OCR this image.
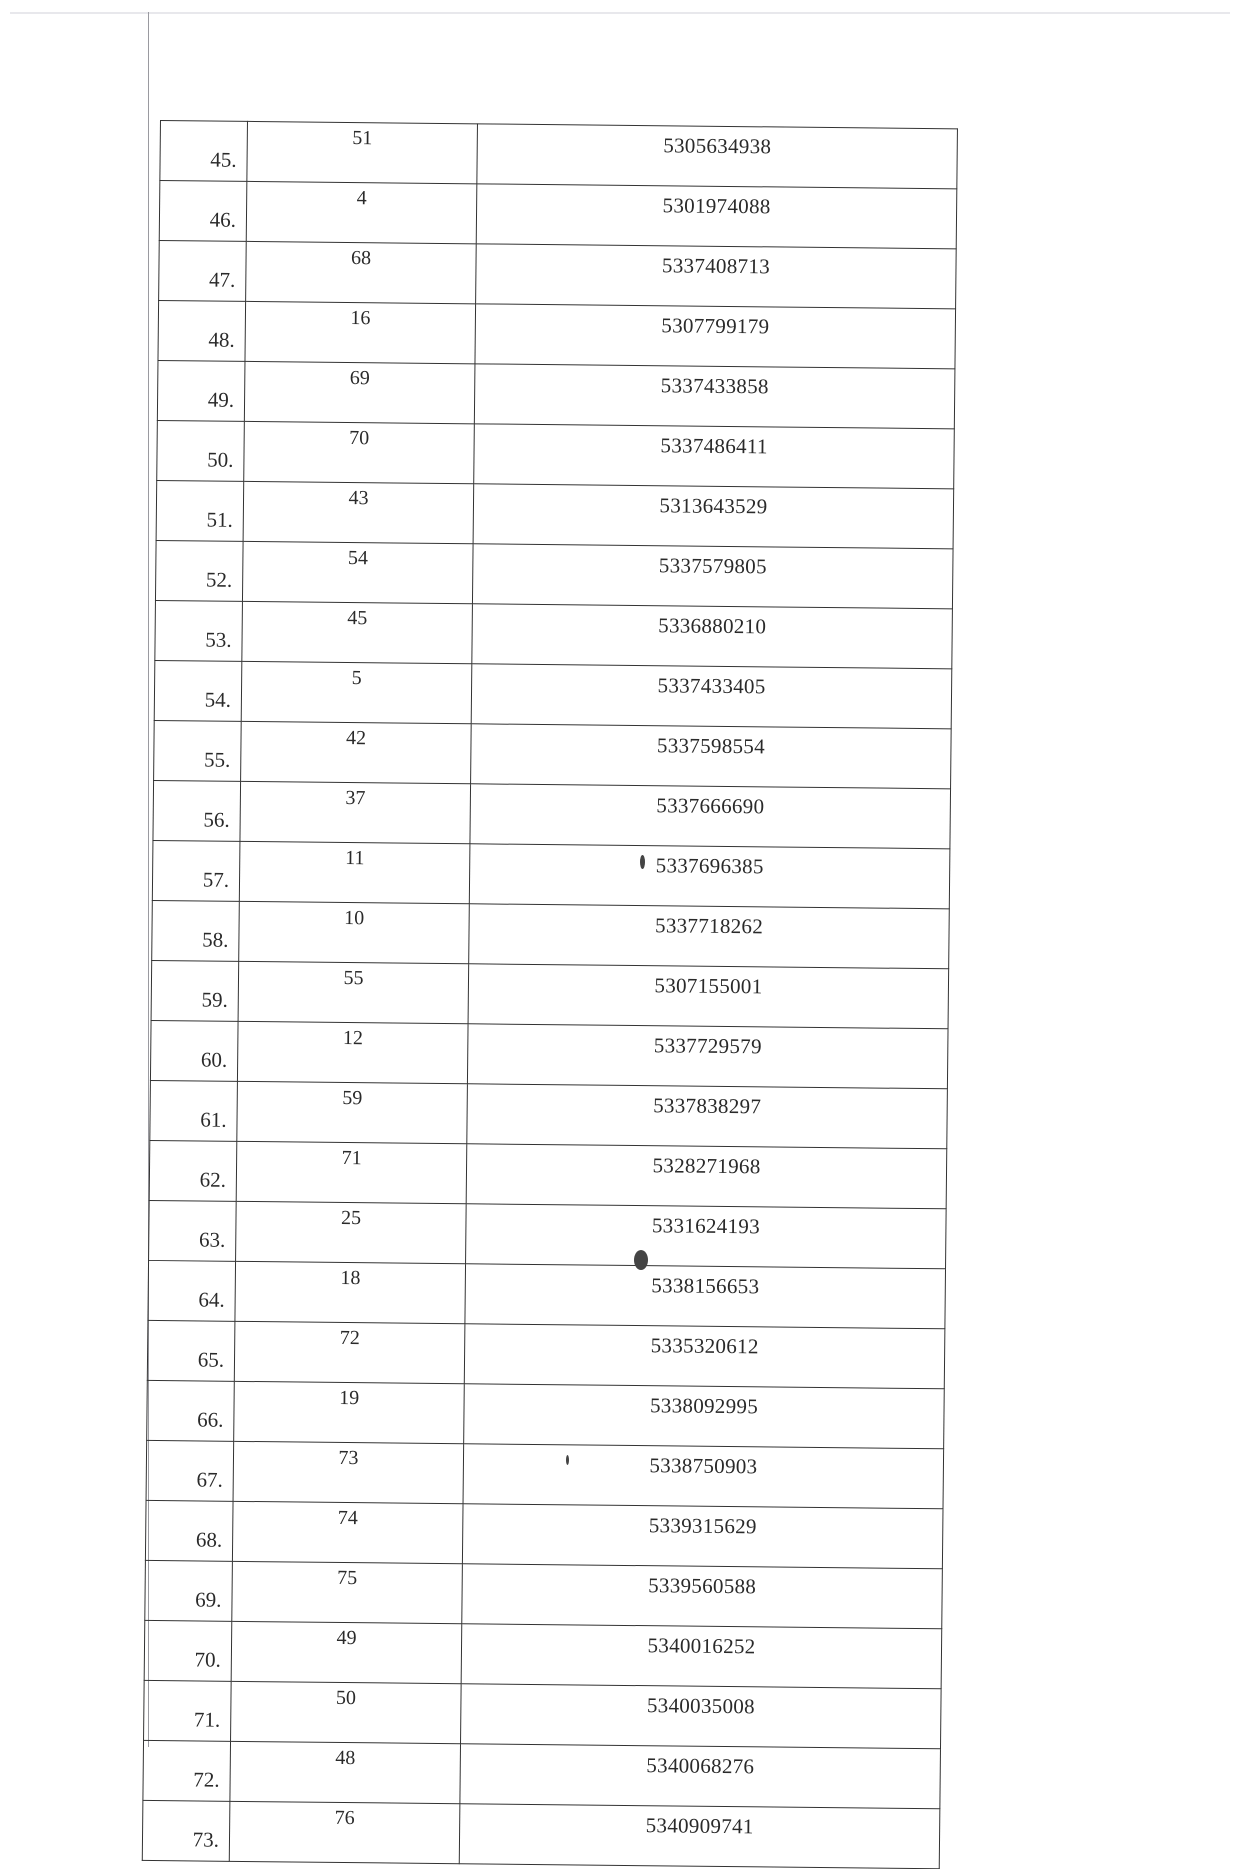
45.	51	5305634938
46.	4	5301974088
47.	68	5337408713
48.	16	5307799179
49.	69	5337433858
50.	70	5337486411
51.	43	5313643529
52.	54	5337579805
53.	45	5336880210
54.	5	5337433405
55.	42	5337598554
56.	37	5337666690
57.	11	5337696385
58.	10	5337718262
59.	55	5307155001
60.	12	5337729579
61.	59	5337838297
62.	71	5328271968
63.	25	5331624193
64.	18	5338156653
65.	72	5335320612
66.	19	5338092995
67.	73	5338750903
68.	74	5339315629
69.	75	5339560588
70.	49	5340016252
71.	50	5340035008
72.	48	5340068276
73.	76	5340909741
